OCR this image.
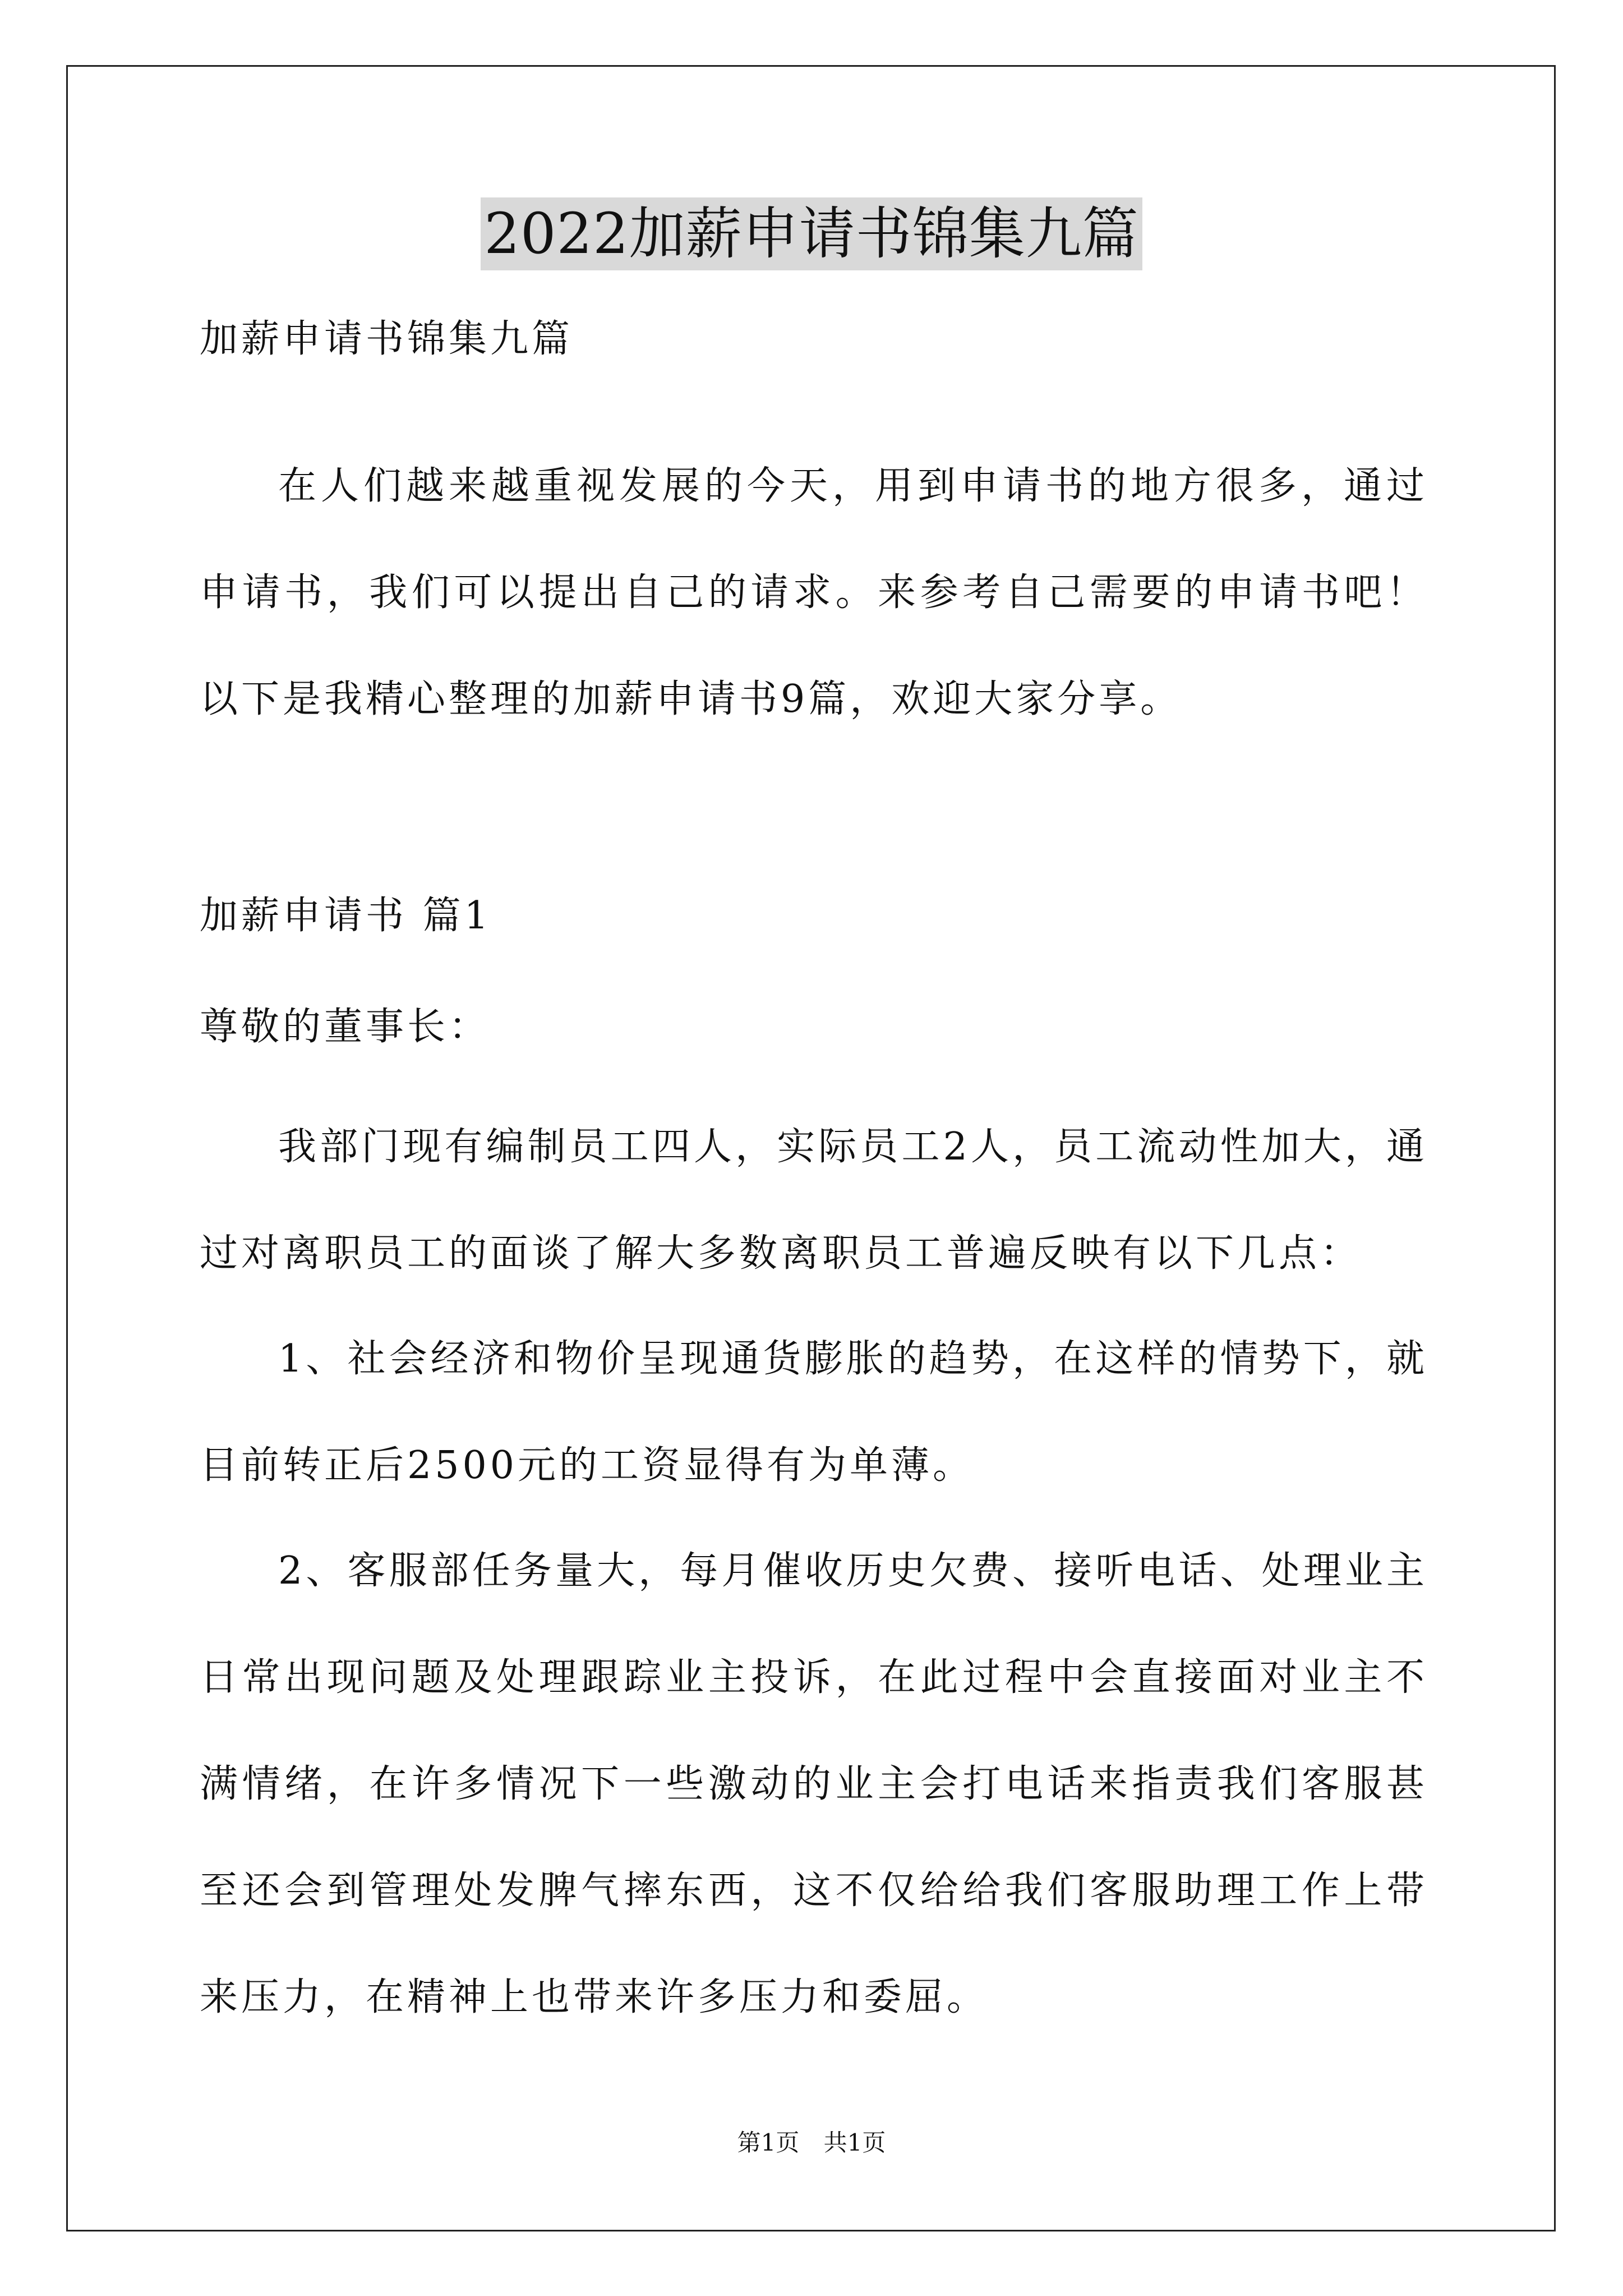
2022加薪申请书锦集九篇
加薪申请书锦集九篇
在人们越来越重视发展的今天，用到申请书的地方很多，通过申请书，我们可以提出自己的请求。来参考自己需要的申请书吧！以下是我精心整理的加薪申请书9篇，欢迎大家分享。
加薪申请书 篇1
尊敬的董事长：
我部门现有编制员工四人，实际员工2人，员工流动性加大，通过对离职员工的面谈了解大多数离职员工普遍反映有以下几点：
1、社会经济和物价呈现通货膨胀的趋势，在这样的情势下，就目前转正后2500元的工资显得有为单薄。
2、客服部任务量大，每月催收历史欠费、接听电话、处理业主日常出现问题及处理跟踪业主投诉，在此过程中会直接面对业主不满情绪，在许多情况下一些激动的业主会打电话来指责我们客服甚至还会到管理处发脾气摔东西，这不仅给给我们客服助理工作上带来压力，在精神上也带来许多压力和委屈。
第1页 共1页
